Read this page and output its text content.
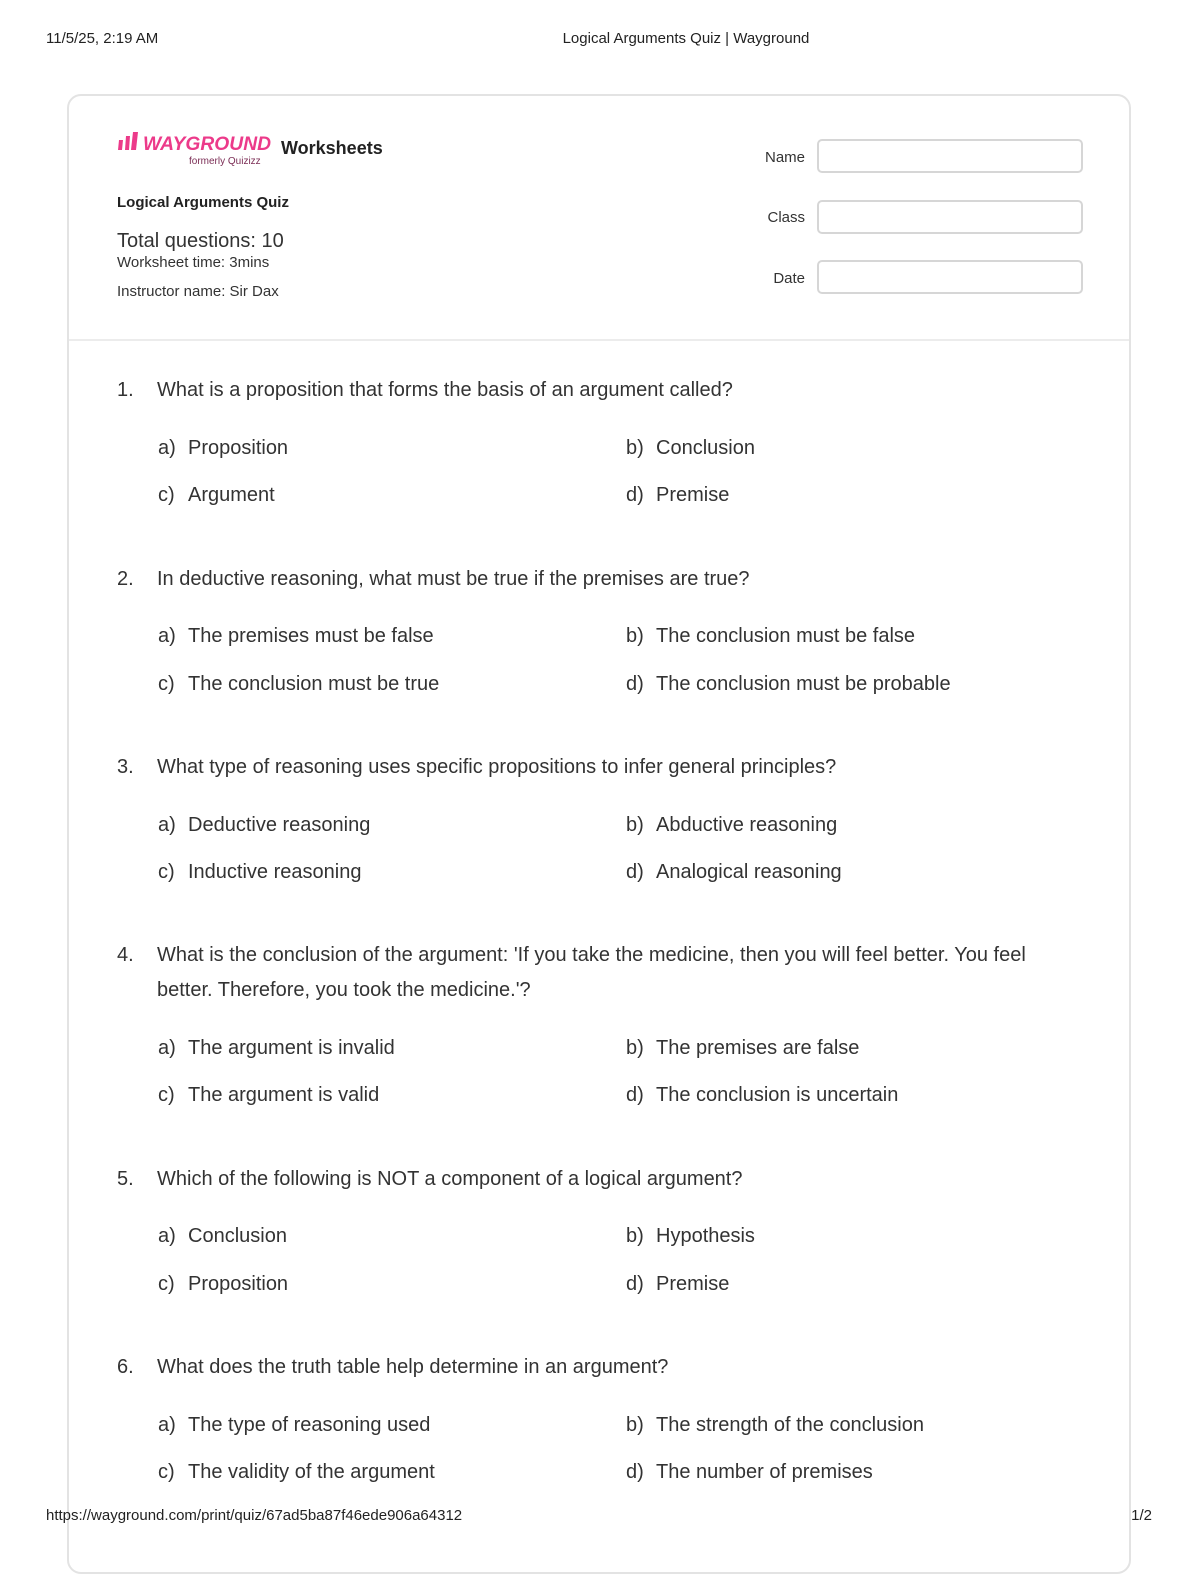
11/5/25, 2:19 AM	Logical Arguments Quiz | Wayground
WAYGROUND
formerly Quizizz
Worksheets
Logical Arguments Quiz
Total questions: 10
Worksheet time: 3mins
Instructor name: Sir Dax
Name
Class
Date
1.	What is a proposition that forms the basis of an argument called?
a) Proposition	b) Conclusion
c) Argument	d) Premise
2.	In deductive reasoning, what must be true if the premises are true?
a) The premises must be false	b) The conclusion must be false
c) The conclusion must be true	d) The conclusion must be probable
3.	What type of reasoning uses specific propositions to infer general principles?
a) Deductive reasoning	b) Abductive reasoning
c) Inductive reasoning	d) Analogical reasoning
4.	What is the conclusion of the argument: 'If you take the medicine, then you will feel better. You feel better. Therefore, you took the medicine.'?
a) The argument is invalid	b) The premises are false
c) The argument is valid	d) The conclusion is uncertain
5.	Which of the following is NOT a component of a logical argument?
a) Conclusion	b) Hypothesis
c) Proposition	d) Premise
6.	What does the truth table help determine in an argument?
a) The type of reasoning used	b) The strength of the conclusion
c) The validity of the argument	d) The number of premises
https://wayground.com/print/quiz/67ad5ba87f46ede906a64312	1/2
